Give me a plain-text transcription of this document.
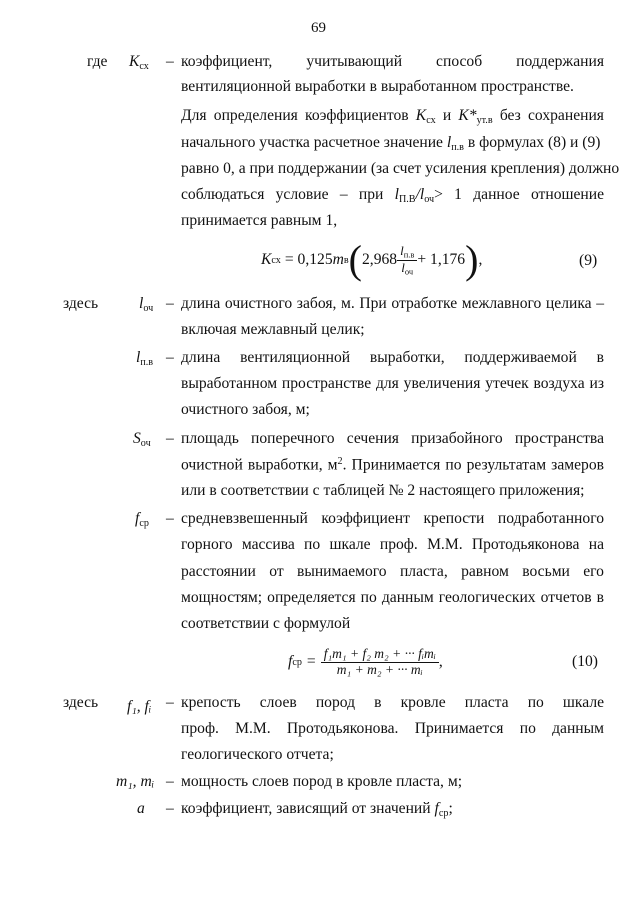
69
где $K_{сх}$ – коэффициент, учитывающий способ поддержания
вентиляционной выработки в выработанном пространстве.
Для определения коэффициентов $K_{сх}$ и $K*_{ут.в}$ без сохранения
начального участка расчетное значение $l_{п.в}$ в формулах (8) и (9)
равно 0, а при поддержании (за счет усиления крепления) должно
соблюдаться условие – при $l_{П.В}/l_{оч}> 1$ данное отношение
принимается равным 1,
K сх = 0,125 m в ( $2,968 \frac{l_{п.в}}{l_{оч}} + 1,176$ ) ,	(9)
здесь	$l_{оч}$ – длина очистного забоя, м. При отработке межлавного целика –
включая межлавный целик;
$l_{п.в}$ – длина вентиляционной выработки, поддерживаемой в
выработанном пространстве для увеличения утечек воздуха из
очистного забоя, м;
$S_{оч}$ – площадь поперечного сечения призабойного пространства
очистной выработки, $м^2$. Принимается по результатам замеров
или в соответствии с таблицей № 2 настоящего приложения;
$f_{ср}$ – средневзвешенный коэффициент крепости подработанного
горного массива по шкале проф. М.М. Протодьяконова на
расстоянии от вынимаемого пласта, равном восьми его
мощностям; определяется по данным геологических отчетов в
соответствии с формулой
f ср = $\frac{\text{f₁m₁ + f₂ m₂ + ··· fᵢmᵢ}}{\text{m₁ + m₂ + ··· mᵢ}}$ ,	(10)
здесь f₁, fᵢ – крепость слоев пород в кровле пласта по шкале
проф. М.М. Протодьяконова. Принимается по данным
геологического отчета;
m₁, mᵢ – мощность слоев пород в кровле пласта, м;
a – коэффициент, зависящий от значений $f_{ср}$;
